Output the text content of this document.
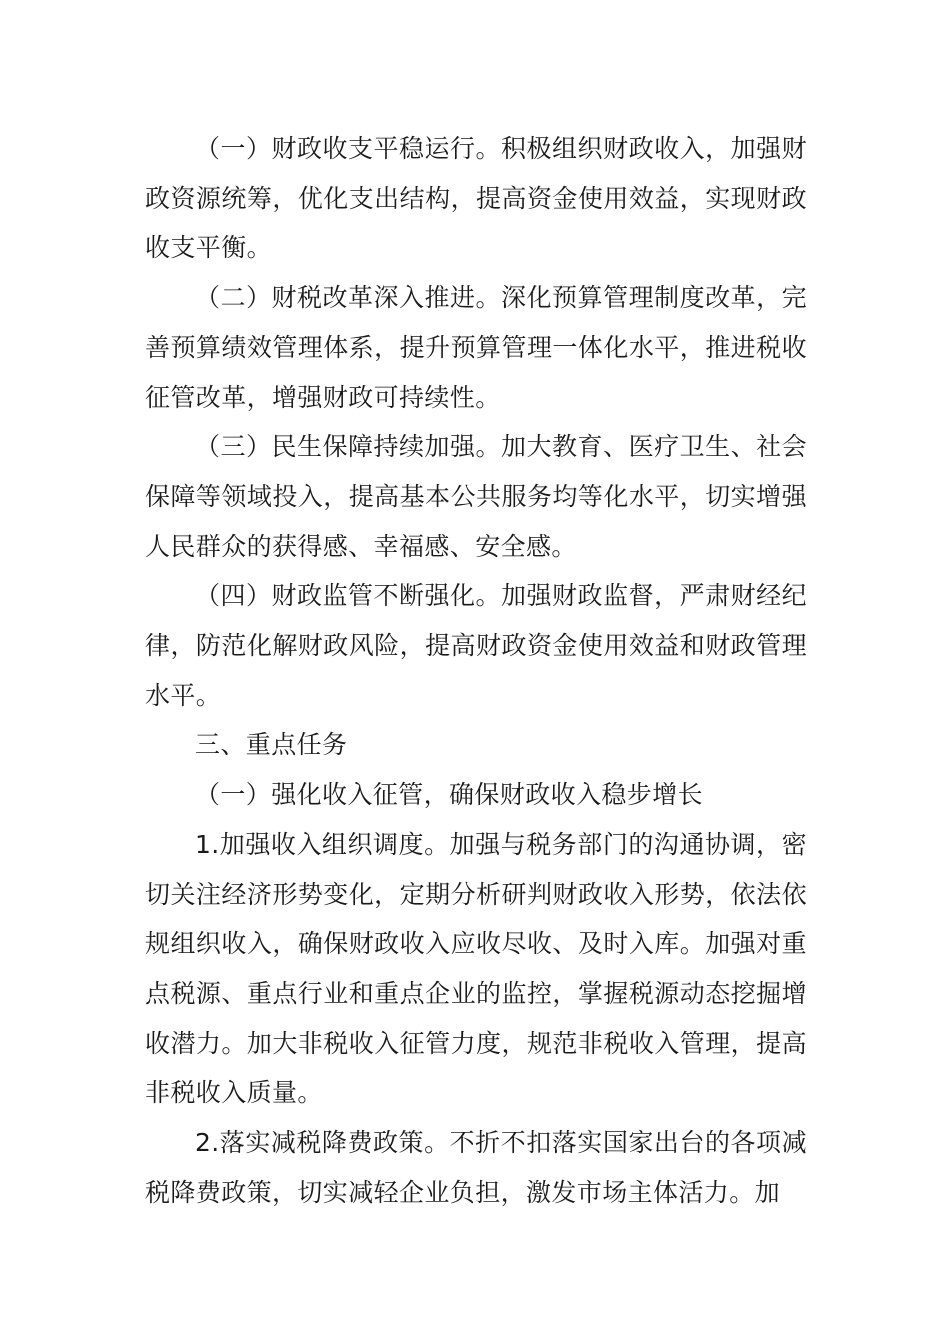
（一）财政收支平稳运行。积极组织财政收入，加强财政资源统筹，优化支出结构，提高资金使用效益，实现财政收支平衡。

（二）财税改革深入推进。深化预算管理制度改革，完善预算绩效管理体系，提升预算管理一体化水平，推进税收征管改革，增强财政可持续性。

（三）民生保障持续加强。加大教育、医疗卫生、社会保障等领域投入，提高基本公共服务均等化水平，切实增强人民群众的获得感、幸福感、安全感。

（四）财政监管不断强化。加强财政监督，严肃财经纪律，防范化解财政风险，提高财政资金使用效益和财政管理水平。

三、重点任务

（一）强化收入征管，确保财政收入稳步增长

1.加强收入组织调度。加强与税务部门的沟通协调，密切关注经济形势变化，定期分析研判财政收入形势，依法依规组织收入，确保财政收入应收尽收、及时入库。加强对重点税源、重点行业和重点企业的监控，掌握税源动态挖掘增收潜力。加大非税收入征管力度，规范非税收入管理，提高非税收入质量。

2.落实减税降费政策。不折不扣落实国家出台的各项减税降费政策，切实减轻企业负担，激发市场主体活力。加
